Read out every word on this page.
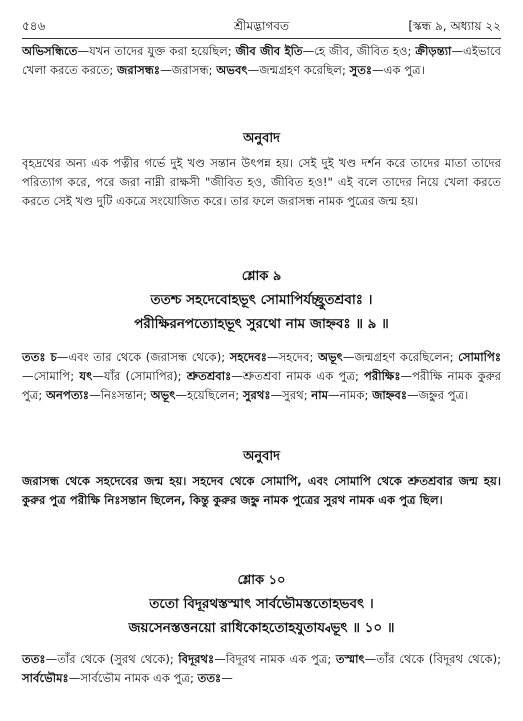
৫৪৬	শ্রীমদ্ভাগবত	[স্কন্ধ ৯, অধ্যায় ২২

অভিসন্ধিতে—যখন তাদের যুক্ত করা হয়েছিল; জীব জীব ইতি—হে জীব, জীবিত হও; ক্রীড়ন্ত্যা—এইভাবে খেলা করতে করতে; জরাসন্ধঃ—জরাসন্ধ; অভবৎ—জন্মগ্রহণ করেছিল; সুতঃ—এক পুত্র।

অনুবাদ

বৃহদ্রথের অন্য এক পত্নীর গর্ভে দুই খণ্ড সন্তান উৎপন্ন হয়। সেই দুই খণ্ড দর্শন করে তাদের মাতা তাদের পরিত্যাগ করে, পরে জরা নাম্নী রাক্ষসী "জীবিত হও, জীবিত হও!" এই বলে তাদের নিয়ে খেলা করতে করতে সেই খণ্ড দুটি একত্রে সংযোজিত করে। তার ফলে জরাসন্ধ নামক পুত্রের জন্ম হয়।

শ্লোক ৯

ততশ্চ সহদেবোহভূৎ সোমাপির্যচ্ছ্রুতশ্রবাঃ ।

পরীক্ষিরনপত্যোহভূৎ সুরথো নাম জাহ্নবঃ ॥ ৯ ॥

ততঃ চ—এবং তার থেকে (জরাসন্ধ থেকে); সহদেবঃ—সহদেব; অভূৎ—জন্মগ্রহণ করেছিলেন; সোমাপিঃ—সোমাপি; যৎ—যাঁর (সোমাপির); শ্রুতশ্রবাঃ—শ্রুতশ্রবা নামক এক পুত্র; পরীক্ষিঃ—পরীক্ষি নামক কুরুর পুত্র; অনপত্যঃ—নিঃসন্তান; অভূৎ—হয়েছিলেন; সুরথঃ—সুরথ; নাম—নামক; জাহ্নবঃ—জহ্নুর পুত্র।

অনুবাদ

জরাসন্ধ থেকে সহদেবের জন্ম হয়। সহদেব থেকে সোমাপি, এবং সোমাপি থেকে শ্রুতশ্রবার জন্ম হয়। কুরুর পুত্র পরীক্ষি নিঃসন্তান ছিলেন, কিন্তু কুরুর জহ্নু নামক পুত্রের সুরথ নামক এক পুত্র ছিল।

শ্লোক ১০

ততো বিদূরথস্তস্মাৎ সার্বভৌমস্ততোহভবৎ ।

জয়সেনস্তত্তনয়ো রাধিকোহতোহযুতায্বভূৎ ॥ ১০ ॥

ততঃ—তাঁর থেকে (সুরথ থেকে); বিদূরথঃ—বিদূরথ নামক এক পুত্র; তস্মাৎ—তাঁর থেকে (বিদূরথ থেকে); সার্বভৌমঃ—সার্বভৌম নামক এক পুত্র; ততঃ—
